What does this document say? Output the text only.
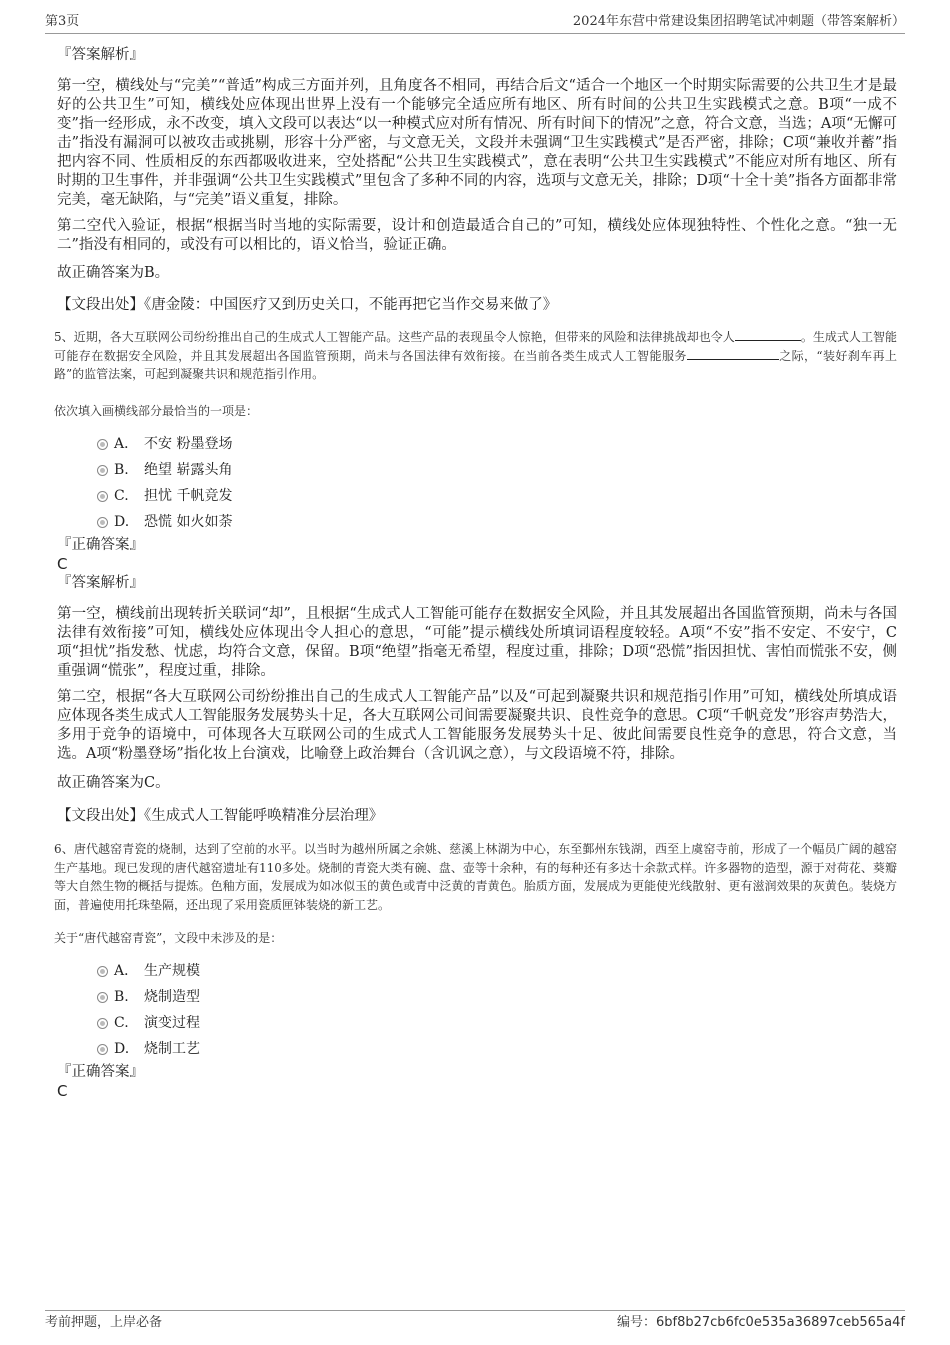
第3页	2024年东营中常建设集团招聘笔试冲刺题（带答案解析）

『答案解析』

第一空，横线处与“完美”“普适”构成三方面并列，且角度各不相同，再结合后文“适合一个地区一个时期实际需要的公共卫生才是最好的公共卫生”可知，横线处应体现出世界上没有一个能够完全适应所有地区、所有时间的公共卫生实践模式之意。B项“一成不变”指一经形成，永不改变，填入文段可以表达“以一种模式应对所有情况、所有时间下的情况”之意，符合文意，当选；A项“无懈可击”指没有漏洞可以被攻击或挑剔，形容十分严密，与文意无关，文段并未强调“卫生实践模式”是否严密，排除；C项“兼收并蓄”指把内容不同、性质相反的东西都吸收进来，空处搭配“公共卫生实践模式”，意在表明“公共卫生实践模式”不能应对所有地区、所有时期的卫生事件，并非强调“公共卫生实践模式”里包含了多种不同的内容，选项与文意无关，排除；D项“十全十美”指各方面都非常完美，毫无缺陷，与“完美”语义重复，排除。

第二空代入验证，根据“根据当时当地的实际需要，设计和创造最适合自己的”可知，横线处应体现独特性、个性化之意。“独一无二”指没有相同的，或没有可以相比的，语义恰当，验证正确。

故正确答案为B。

【文段出处】《唐金陵：中国医疗又到历史关口，不能再把它当作交易来做了》

5、近期，各大互联网公司纷纷推出自己的生成式人工智能产品。这些产品的表现虽令人惊艳，但带来的风险和法律挑战却也令人	。生成式人工智能可能存在数据安全风险，并且其发展超出各国监管预期，尚未与各国法律有效衔接。在当前各类生成式人工智能服务	之际，“装好刹车再上路”的监管法案，可起到凝聚共识和规范指引作用。

依次填入画横线部分最恰当的一项是：

A． 不安 粉墨登场
B. 绝望 崭露头角
C. 担忧 千帆竞发
D. 恐慌 如火如荼

『正确答案』

C

『答案解析』

第一空，横线前出现转折关联词“却”，且根据“生成式人工智能可能存在数据安全风险，并且其发展超出各国监管预期，尚未与各国法律有效衔接”可知，横线处应体现出令人担心的意思，“可能”提示横线处所填词语程度较轻。A项“不安”指不安定、不安宁，C项“担忧”指发愁、忧虑，均符合文意，保留。B项“绝望”指毫无希望，程度过重，排除；D项“恐慌”指因担忧、害怕而慌张不安，侧重强调“慌张”，程度过重，排除。

第二空，根据“各大互联网公司纷纷推出自己的生成式人工智能产品”以及“可起到凝聚共识和规范指引作用”可知，横线处所填成语应体现各类生成式人工智能服务发展势头十足，各大互联网公司间需要凝聚共识、良性竞争的意思。C项“千帆竞发”形容声势浩大，多用于竞争的语境中，可体现各大互联网公司的生成式人工智能服务发展势头十足、彼此间需要良性竞争的意思，符合文意，当选。A项“粉墨登场”指化妆上台演戏，比喻登上政治舞台（含讥讽之意），与文段语境不符，排除。

故正确答案为C。

【文段出处】《生成式人工智能呼唤精准分层治理》

6、唐代越窑青瓷的烧制，达到了空前的水平。以当时为越州所属之余姚、慈溪上林湖为中心，东至鄞州东钱湖，西至上虞窑寺前，形成了一个幅员广阔的越窑生产基地。现已发现的唐代越窑遗址有110多处。烧制的青瓷大类有碗、盘、壶等十余种，有的每种还有多达十余款式样。许多器物的造型，源于对荷花、葵瓣等大自然生物的概括与提炼。色釉方面，发展成为如冰似玉的黄色或青中泛黄的青黄色。胎质方面，发展成为更能使光线散射、更有滋润效果的灰黄色。装烧方面，普遍使用托珠垫隔，还出现了采用瓷质匣钵装烧的新工艺。

关于“唐代越窑青瓷”，文段中未涉及的是：

A． 生产规模
B. 烧制造型
C. 演变过程
D. 烧制工艺

『正确答案』

C

考前押题，上岸必备	编号：6bf8b27cb6fc0e535a36897ceb565a4f
